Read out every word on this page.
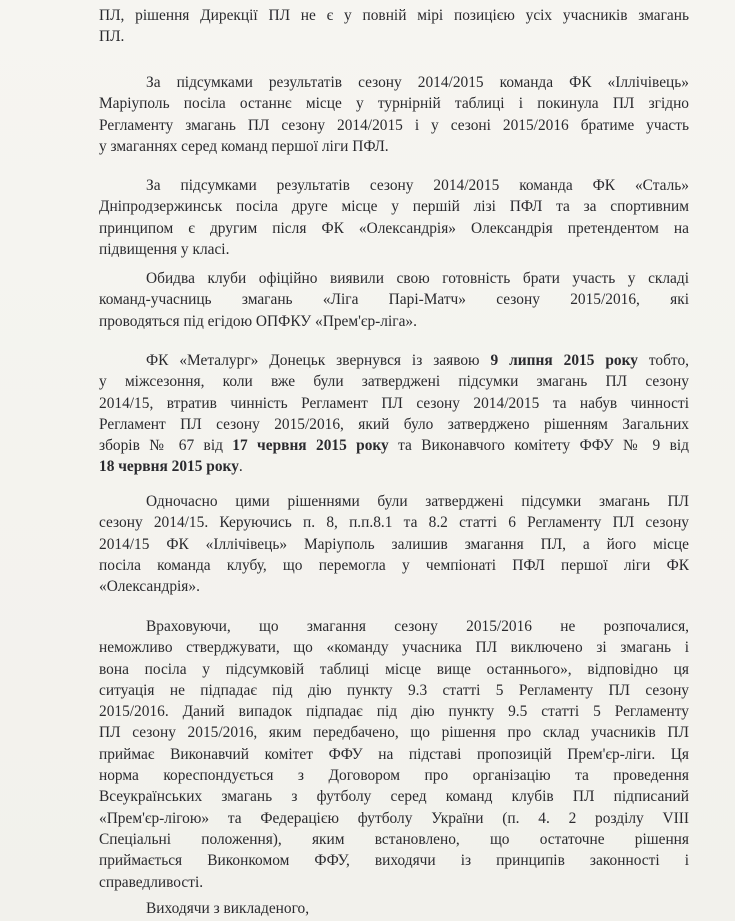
ПЛ, рішення Дирекції ПЛ не є у повній мірі позицією усіх учасників змагань
ПЛ.
За підсумками результатів сезону 2014/2015 команда ФК «Іллічівець»
Маріуполь посіла останнє місце у турнірній таблиці і покинула ПЛ згідно
Регламенту змагань ПЛ сезону 2014/2015 і у сезоні 2015/2016 братиме участь
у змаганнях серед команд першої ліги ПФЛ.
За підсумками результатів сезону 2014/2015 команда ФК «Сталь»
Дніпродзержинськ посіла друге місце у першій лізі ПФЛ та за спортивним
принципом є другим після ФК «Олександрія» Олександрія претендентом на
підвищення у класі.
Обидва клуби офіційно виявили свою готовність брати участь у складі
команд-учасниць змагань «Ліга Парі-Матч» сезону 2015/2016, які
проводяться під егідою ОПФКУ «Прем'єр-ліга».
ФК «Металург» Донецьк звернувся із заявою 9 липня 2015 року тобто,
у міжсезоння, коли вже були затверджені підсумки змагань ПЛ сезону
2014/15, втратив чинність Регламент ПЛ сезону 2014/2015 та набув чинності
Регламент ПЛ сезону 2015/2016, який було затверджено рішенням Загальних
зборів № 67 від 17 червня 2015 року та Виконавчого комітету ФФУ № 9 від
18 червня 2015 року.
Одночасно цими рішеннями були затверджені підсумки змагань ПЛ
сезону 2014/15. Керуючись п. 8, п.п.8.1 та 8.2 статті 6 Регламенту ПЛ сезону
2014/15 ФК «Іллічівець» Маріуполь залишив змагання ПЛ, а його місце
посіла команда клубу, що перемогла у чемпіонаті ПФЛ першої ліги ФК
«Олександрія».
Враховуючи, що змагання сезону 2015/2016 не розпочалися,
неможливо стверджувати, що «команду учасника ПЛ виключено зі змагань і
вона посіла у підсумковій таблиці місце вище останнього», відповідно ця
ситуація не підпадає під дію пункту 9.3 статті 5 Регламенту ПЛ сезону
2015/2016. Даний випадок підпадає під дію пункту 9.5 статті 5 Регламенту
ПЛ сезону 2015/2016, яким передбачено, що рішення про склад учасників ПЛ
приймає Виконавчий комітет ФФУ на підставі пропозицій Прем'єр-ліги. Ця
норма кореспондується з Договором про організацію та проведення
Всеукраїнських змагань з футболу серед команд клубів ПЛ підписаний
«Прем'єр-лігою» та Федерацією футболу України (п. 4. 2 розділу VIII
Спеціальні положення), яким встановлено, що остаточне рішення
приймається Виконкомом ФФУ, виходячи із принципів законності і
справедливості.
Виходячи з викладеного,
